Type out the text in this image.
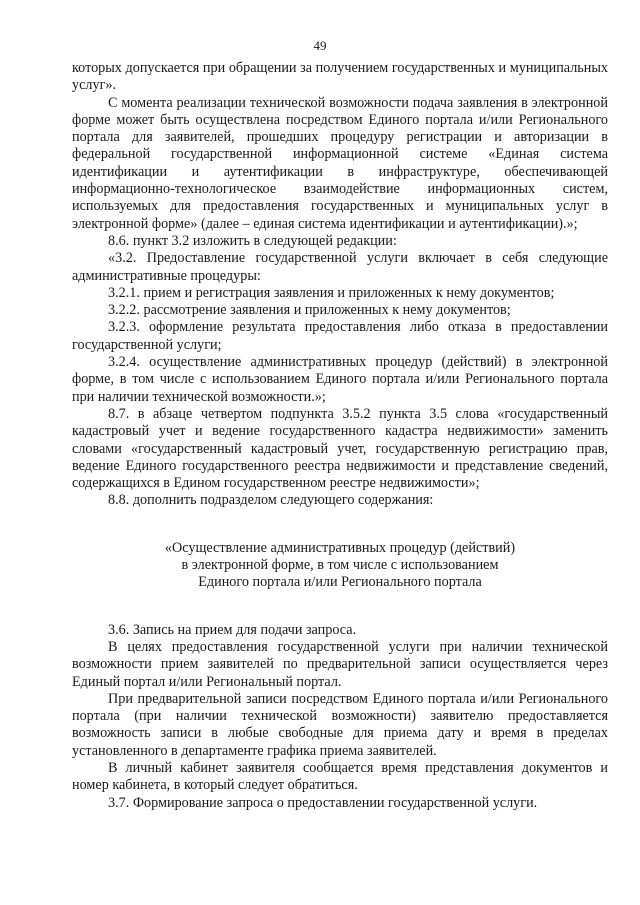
49

которых допускается при обращении за получением государственных и муниципальных услуг».

С момента реализации технической возможности подача заявления в электронной форме может быть осуществлена посредством Единого портала и/или Регионального портала для заявителей, прошедших процедуру регистрации и авторизации в федеральной государственной информационной системе «Единая система идентификации и аутентификации в инфраструктуре, обеспечивающей информационно-технологическое взаимодействие информационных систем, используемых для предоставления государственных и муниципальных услуг в электронной форме» (далее – единая система идентификации и аутентификации).»;

8.6. пункт 3.2 изложить в следующей редакции:

«3.2. Предоставление государственной услуги включает в себя следующие административные процедуры:

3.2.1. прием и регистрация заявления и приложенных к нему документов;

3.2.2. рассмотрение заявления и приложенных к нему документов;

3.2.3. оформление результата предоставления либо отказа в предоставлении государственной услуги;

3.2.4. осуществление административных процедур (действий) в электронной форме, в том числе с использованием Единого портала и/или Регионального портала при наличии технической возможности.»;

8.7. в абзаце четвертом подпункта 3.5.2 пункта 3.5 слова «государственный кадастровый учет и ведение государственного кадастра недвижимости» заменить словами «государственный кадастровый учет, государственную регистрацию прав, ведение Единого государственного реестра недвижимости и представление сведений, содержащихся в Едином государственном реестре недвижимости»;

8.8. дополнить подразделом следующего содержания:

«Осуществление административных процедур (действий)
в электронной форме, в том числе с использованием
Единого портала и/или Регионального портала

3.6. Запись на прием для подачи запроса.

В целях предоставления государственной услуги при наличии технической возможности прием заявителей по предварительной записи осуществляется через Единый портал и/или Региональный портал.

При предварительной записи посредством Единого портала и/или Регионального портала (при наличии технической возможности) заявителю предоставляется возможность записи в любые свободные для приема дату и время в пределах установленного в департаменте графика приема заявителей.

В личный кабинет заявителя сообщается время представления документов и номер кабинета, в который следует обратиться.

3.7. Формирование запроса о предоставлении государственной услуги.
